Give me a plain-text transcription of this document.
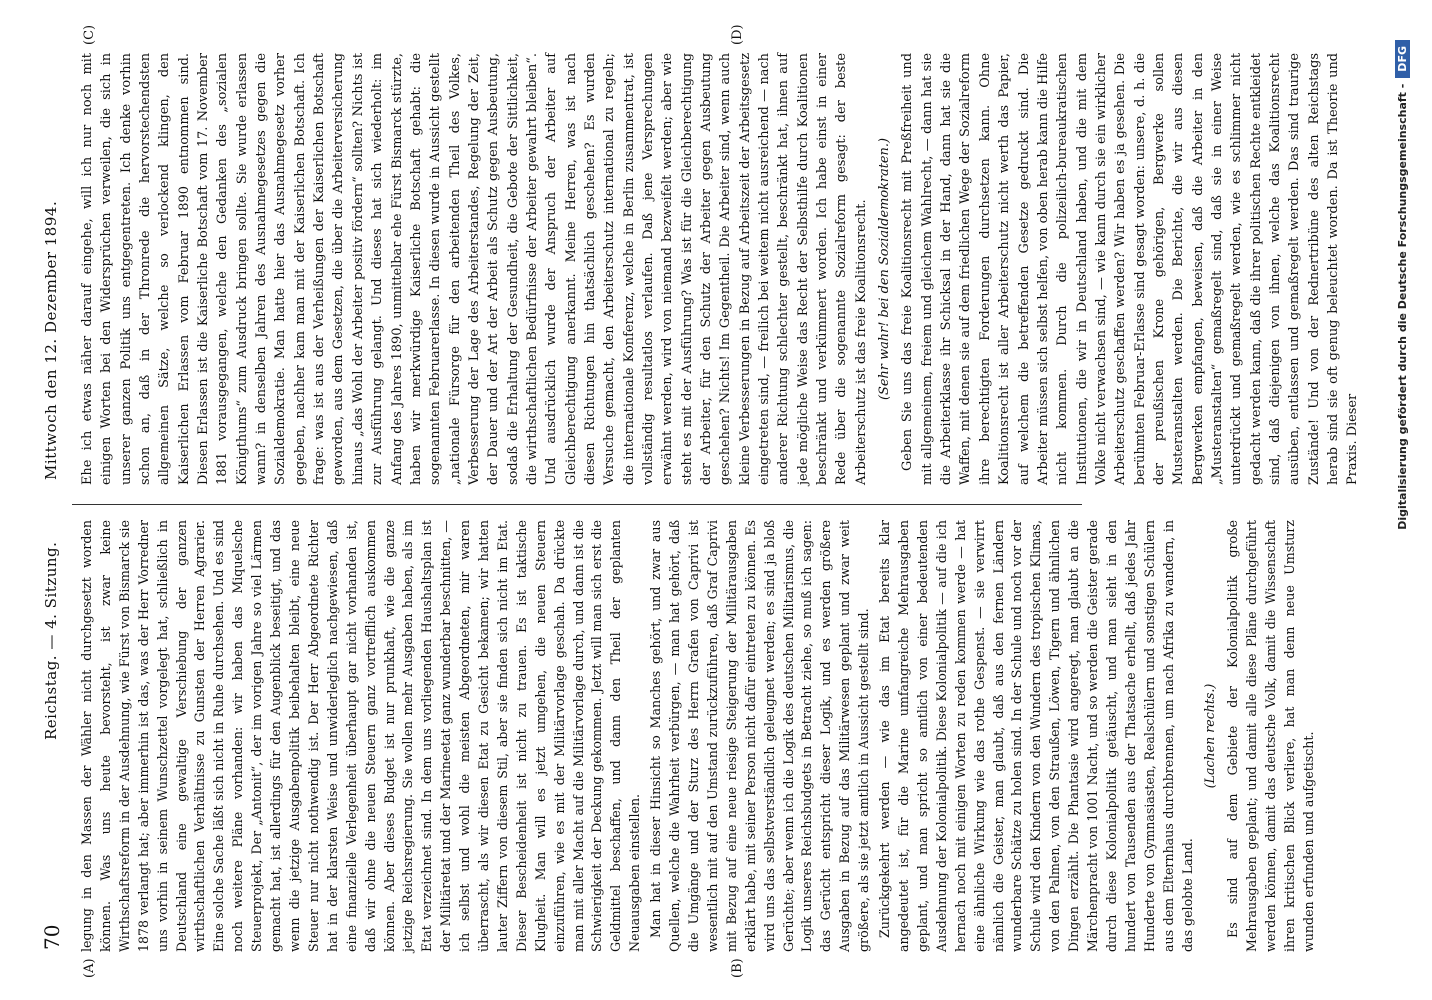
70
Reichstag. — 4. Sitzung.
Mittwoch den 12. Dezember 1894.
(A)	(B)
(C)	(D)

legung in den Massen der Wähler nicht durchgesetzt worden können. Was uns heute bevorsteht, ist zwar keine Wirthschaftsreform in der Ausdehnung, wie Fürst von Bismarck sie 1878 verlangt hat; aber immerhin ist das, was der Herr Vorredner uns vorhin in seinem Wunschzettel vorgelegt hat, schließlich in Deutschland eine gewaltige Verschiebung der ganzen wirthschaftlichen Verhältnisse zu Gunsten der Herren Agrarier. Eine solche Sache läßt sich nicht in Ruhe durchsehen. Und es sind noch weitere Pläne vorhanden: wir haben das Miquelsche Steuerprojekt, Der „Antonit“, der im vorigen Jahre so viel Lärmen gemacht hat, ist allerdings für den Augenblick beseitigt, und das wenn die jetzige Ausgabenpolitik beibehalten bleibt, eine neue Steuer nur nicht nothwendig ist. Der Herr Abgeordnete Richter hat in der klarsten Weise und unwiderleglich nachgewiesen, daß eine finanzielle Verlegenheit überhaupt gar nicht vorhanden ist, daß wir ohne die neuen Steuern ganz vortrefflich auskommen können. Aber dieses Budget ist nur prunkhaft, wie die ganze jetzige Reichsregierung. Sie wollen mehr Ausgaben haben, als im Etat verzeichnet sind. In dem uns vorliegenden Haushaltsplan ist der Militäretat und der Marineetat ganz wunderbar beschnitten, — ich selbst und wohl die meisten Abgeordneten, mir waren überrascht, als wir diesen Etat zu Gesicht bekamen; wir hatten lauter Ziffern von diesem Stil, aber sie finden sich nicht im Etat. Dieser Bescheidenheit ist nicht zu trauen. Es ist taktische Klugheit. Man will es jetzt umgehen, die neuen Steuern einzuführen, wie es mit der Militärvorlage geschah. Da drückte man mit aller Macht auf die Militärvorlage durch, und dann ist die Schwierigkeit der Deckung gekommen. Jetzt will man sich erst die Geldmittel beschaffen, und dann den Theil der geplanten Neuausgaben einstellen. Man hat in dieser Hinsicht so Manches gehört, und zwar aus Quellen, welche die Wahrheit verbürgen, — man hat gehört, daß die Umgänge und der Sturz des Herrn Grafen von Caprivi ist wesentlich mit auf den Umstand zurückzuführen, daß Graf Caprivi mit Bezug auf eine neue riesige Steigerung der Militärausgaben erklärt habe, mit seiner Person nicht dafür eintreten zu können. Es wird uns das selbstverständlich geleugnet werden; es sind ja bloß Gerüchte; aber wenn ich die Logik des deutschen Militarismus, die Logik unseres Reichsbudgets in Betracht ziehe, so muß ich sagen: das Gerücht entspricht dieser Logik, und es werden größere Ausgaben in Bezug auf das Militärwesen geplant und zwar weit größere, als sie jetzt amtlich in Aussicht gestellt sind. Zurückgekehrt werden — wie das im Etat bereits klar angedeutet ist, für die Marine umfangreiche Mehrausgaben geplant, und man spricht so amtlich von einer bedeutenden Ausdehnung der Kolonialpolitik. Diese Kolonialpolitik — auf die ich hernach noch mit einigen Worten zu reden kommen werde — hat eine ähnliche Wirkung wie das rothe Gespenst. — sie verwirrt nämlich die Geister, man glaubt, daß aus den fernen Ländern wunderbare Schätze zu holen sind. In der Schule und noch vor der Schule wird den Kindern von den Wundern des tropischen Klimas, von den Palmen, von den Straußen, Löwen, Tigern und ähnlichen Dingen erzählt. Die Phantasie wird angeregt, man glaubt an die Märchenpracht von 1001 Nacht, und so werden die Geister gerade durch diese Kolonialpolitik getäuscht, und man sieht in den hundert von Tausenden aus der Thatsache erhellt, daß jedes Jahr Hunderte von Gymnasiasten, Realschülern und sonstigen Schülern aus dem Elternhaus durchbrennen, um nach Afrika zu wandern, in das gelobte Land.

(Lachen rechts.) Es sind auf dem Gebiete der Kolonialpolitik große Mehrausgaben geplant; und damit alle diese Pläne durchgeführt werden können, damit das deutsche Volk, damit die Wissenschaft ihren kritischen Blick verliere, hat man denn neue Umsturz wunden erfunden und aufgetischt.

Ehe ich etwas näher darauf eingehe, will ich nur noch mit einigen Worten bei den Widersprüchen verweilen, die sich in unserer ganzen Politik uns entgegentreten. Ich denke vorhin schon an, daß in der Thronrede die hervorstechendsten allgemeinen Sätze, welche so verlockend klingen, den Kaiserlichen Erlassen vom Februar 1890 entnommen sind. Diesen Erlassen ist die Kaiserliche Botschaft vom 17. November 1881 vorausgegangen, welche den Gedanken des „sozialen Königthums“ zum Ausdruck bringen sollte. Sie wurde erlassen wann? in denselben Jahren des Ausnahmegesetzes gegen die Sozialdemokratie. Man hatte hier das Ausnahmegesetz vorher gegeben, nachher kam man mit der Kaiserlichen Botschaft. Ich frage: was ist aus der Verheißungen der Kaiserlichen Botschaft geworden, aus dem Gesetzen, die über die Arbeiterversicherung hinaus „das Wohl der Arbeiter positiv fördern“ sollten? Nichts ist zur Ausführung gelangt. Und dieses hat sich wiederholt: im Anfang des Jahres 1890, unmittelbar ehe Fürst Bismarck stürzte, haben wir merkwürdige Kaiserliche Botschaft gehabt: die sogenannten Februarerlasse. In diesen wurde in Aussicht gestellt „nationale Fürsorge für den arbeitenden Theil des Volkes, Verbesserung der Lage des Arbeiterstandes, Regelung der Zeit, der Dauer und der Art der Arbeit als Schutz gegen Ausbeutung, sodaß die Erhaltung der Gesundheit, die Gebote der Sittlichkeit, die wirthschaftlichen Bedürfnisse der Arbeiter gewahrt bleiben“. Und ausdrücklich wurde der Anspruch der Arbeiter auf Gleichberechtigung anerkannt. Meine Herren, was ist nach diesen Richtungen hin thatsächlich geschehen? Es wurden Versuche gemacht, den Arbeiterschutz international zu regeln; die internationale Konferenz, welche in Berlin zusammentrat, ist vollständig resultatlos verlaufen. Daß jene Versprechungen erwähnt werden, wird von niemand bezweifelt werden; aber wie steht es mit der Ausführung? Was ist für die Gleichberechtigung der Arbeiter, für den Schutz der Arbeiter gegen Ausbeutung geschehen? Nichts! Im Gegentheil. Die Arbeiter sind, wenn auch kleine Verbesserungen in Bezug auf Arbeitszeit der Arbeitsgesetz eingetreten sind, — freilich bei weitem nicht ausreichend — nach anderer Richtung schlechter gestellt, beschränkt hat, ihnen auf jede mögliche Weise das Recht der Selbsthilfe durch Koalitionen beschränkt und verkümmert worden. Ich habe einst in einer Rede über die sogenannte Sozialreform gesagt: der beste Arbeiterschutz ist das freie Koalitionsrecht. (Sehr wahr! bei den Sozialdemokraten.) Geben Sie uns das freie Koalitionsrecht mit Preßfreiheit und mit allgemeinem, freiem und gleichem Wahlrecht, — dann hat sie die Arbeiterklasse ihr Schicksal in der Hand, dann hat sie die Waffen, mit denen sie auf dem friedlichen Wege der Sozialreform ihre berechtigten Forderungen durchsetzen kann. Ohne Koalitionsrecht ist aller Arbeiterschutz nicht werth das Papier, auf welchem die betreffenden Gesetze gedruckt sind. Die Arbeiter müssen sich selbst helfen, von oben herab kann die Hilfe nicht kommen. Durch die polizeilich-bureaukratischen Institutionen, die wir in Deutschland haben, und die mit dem Volke nicht verwachsen sind, — wie kann durch sie ein wirklicher Arbeiterschutz geschaffen werden? Wir haben es ja gesehen. Die berühmten Februar-Erlasse sind gesagt worden: unsere, d. h. die der preußischen Krone gehörigen, Bergwerke sollen Musteranstalten werden. Die Berichte, die wir aus diesen Bergwerken empfangen, beweisen, daß die Arbeiter in den „Musteranstalten“ gemaßregelt sind, daß sie in einer Weise unterdrückt und gemaßregelt werden, wie es schlimmer nicht gedacht werden kann, daß die ihrer politischen Rechte entkleidet sind, daß diejenigen von ihnen, welche das Koalitionsrecht ausüben, entlassen und gemaßregelt werden. Das sind traurige Zustände! Und von der Rednertribüne des alten Reichstags herab sind sie oft genug beleuchtet worden. Da ist Theorie und Praxis. Dieser	Digitalisierung gefördert durch die Deutsche Forschungsgemeinschaft -DFG
